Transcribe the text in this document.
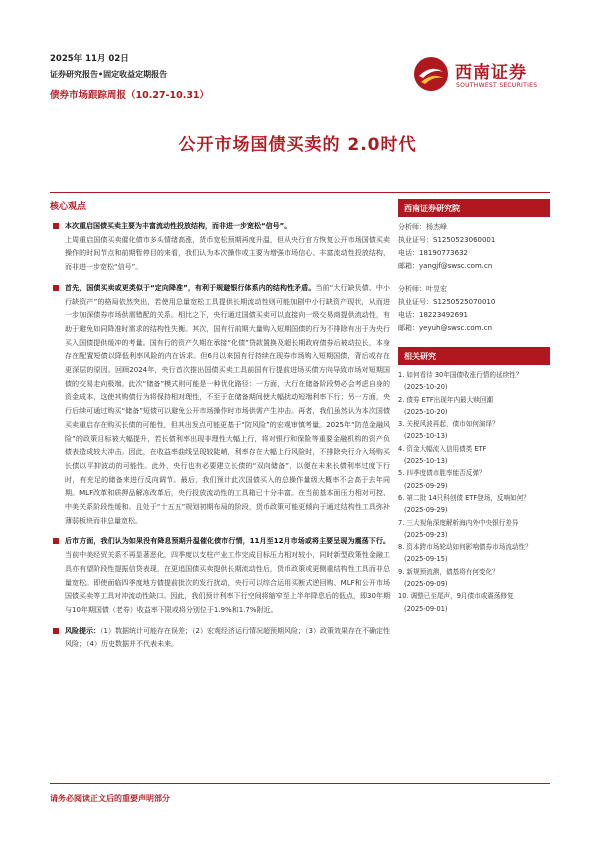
2025年 11月 02日
证券研究报告•固定收益定期报告
债券市场跟踪周报（10.27-10.31）
西南证券
SOUTHWEST SECURITIES
公开市场国债买卖的 2.0时代
核心观点
本次重启国债买卖主要为丰富流动性投放结构，而非进一步宽松“信号”。
上周重启国债买卖催化债市多头情绪高涨，货币宽松预期再度升温，但从央行官方恢复公开市场国债买卖操作的时间节点和前期暂停目的来看，我们认为本次操作或主要为增强市场信心、丰富流动性投放结构，而非进一步宽松“信号”。
首先，国债买卖或更类似于“定向降准”，有利于规避银行体系内的结构性矛盾。当前“大行缺负债、中小行缺资产”的格局依然突出，若使用总量宽松工具提供长期流动性则可能加剧中小行缺资产现状，从而进一步加深债券市场供需错配的关系。相比之下，央行通过国债买卖可以直接向一级交易商提供流动性，有助于避免如同降准时需求的结构性失衡。其次，国有行前期大量购入短期国债的行为不排除有出于为央行买入国债提供缓冲的考量。国有行的资产久期在承接“化债”贷款置换及超长期政府债券后被动拉长，本身存在配置短债以降低利率风险的内在诉求。但6月以来国有行持续在现券市场购入短期国债，背后或存在更深层的原因。回顾2024年，央行首次推出国债买卖工具前国有行提前进场买债方向导致市场对短期国债的交易走向极端。此次“储备”模式则可能是一种优化路径：一方面，大行在储备阶段势必会考虑自身的资金成本，这使其购债行为将保持相对理性，不至于在储备期间使大幅扰动短端利率下行；另一方面，央行后续可通过购买“储备”短债可以避免公开市场操作时市场供需产生冲击。再者，我们虽然认为本次国债买卖重启存在购买长债的可能性，但其出发点可能更基于“防风险”的宏观审慎考量。2025年“防范金融风险”的政策目标被大幅提升，若长债利率出现非理性大幅上行，将对银行和保险等重要金融机构的资产负债表造成较大冲击。因此，在收益率曲线呈现较陡峭，利率存在大幅上行风险时，不排除央行介入场购买长债以平抑波动的可能性。此外，央行也有必要建立长债的“双向储备”，以便在未来长债利率过度下行时，有充足的储备来进行反向调节。最后，我们预计此次国债买入的总操作量级大概率不会高于去年同期。MLF改革和质押品解冻改革后，央行投放流动性的工具箱已十分丰富。在当前基本面压力相对可控、中美关系阶段性缓和、且处于“十五五”规划初期布局的阶段，货币政策可能更倾向于通过结构性工具弥补薄弱板块而非总量宽松。
后市方面，我们认为如果没有降息预期升温催化债市行情，11月至12月市场或将主要呈现为震荡下行。当前中美经贸关系不再显著恶化，四季度以支柱产业工作完成目标压力相对较小，同时新型政策性金融工具亦有望阶段性提振信贷表现，在更追国债买卖提供长期流动性后，货币政策或更侧重结构性工具而非总量宽松。即使面临四季度地方债提前批次的发行扰动，央行可以综合运用买断式逆回购、MLF和公开市场国债买卖等工具对冲流动性缺口。因此，我们预计利率下行空间将缩窄至上半年降息后的低点，即30年期与10年期国债（老券）收益率下限或将分别位于1.9%和1.7%附近。
风险提示：（1）数据统计可能存在误差；（2）宏观经济运行情况超预期风险；（3）政策效果存在不确定性风险；（4）历史数据并不代表未来。
西南证券研究院
分析师：杨杰峰
执业证号：S1250523060001
电话：18190773632
邮箱：yangjf@swsc.com.cn
分析师：叶昱宏
执业证号：S1250525070010
电话：18223492691
邮箱：yeyuh@swsc.com.cn
相关研究
1. 如何看待 30年国债收涨行情的延续性？
(2025-10-20)
2. 债券 ETF出现年内最大赎回潮
(2025-10-20)
3. 关税风波再起，债市如何演绎？
(2025-10-13)
4. 资金大幅流入信用债类 ETF
(2025-10-13)
5. 四季度债市胜率能否反弹？
(2025-09-29)
6. 第二批 14只科创债 ETF登场，反响如何？
(2025-09-29)
7. 三大视角深度解析海内外中央银行差异
(2025-09-23)
8. 资本跨市场轮动如何影响债券市场流动性？
(2025-09-15)
9. 新规预流测，债基将有何变化？
(2025-09-09)
10. 调整已至尾声，9月债市或震荡修复
(2025-09-01)
请务必阅读正文后的重要声明部分
